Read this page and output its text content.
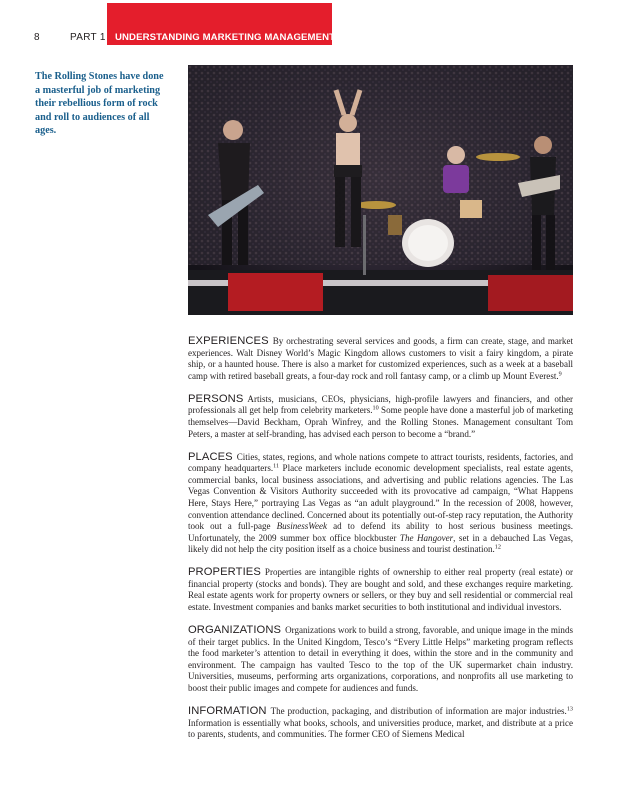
8	PART 1 UNDERSTANDING MARKETING MANAGEMENT
The Rolling Stones have done a masterful job of marketing their rebellious form of rock and roll to audiences of all ages.

EXPERIENCES By orchestrating several services and goods, a firm can create, stage, and market experiences. Walt Disney World’s Magic Kingdom allows customers to visit a fairy kingdom, a pirate ship, or a haunted house. There is also a market for customized experiences, such as a week at a baseball camp with retired baseball greats, a four-day rock and roll fantasy camp, or a climb up Mount Everest.$^9$

PERSONS Artists, musicians, CEOs, physicians, high-profile lawyers and financiers, and other professionals all get help from celebrity marketers.$^{10}$ Some people have done a masterful job of marketing themselves—David Beckham, Oprah Winfrey, and the Rolling Stones. Management consultant Tom Peters, a master at self-branding, has advised each person to become a “brand.”

PLACES Cities, states, regions, and whole nations compete to attract tourists, residents, factories, and company headquarters.$^{11}$ Place marketers include economic development specialists, real estate agents, commercial banks, local business associations, and advertising and public relations agencies. The Las Vegas Convention & Visitors Authority succeeded with its provocative ad campaign, “What Happens Here, Stays Here,” portraying Las Vegas as “an adult playground.” In the recession of 2008, however, convention attendance declined. Concerned about its potentially out-of-step racy reputation, the Authority took out a full-page BusinessWeek ad to defend its ability to host serious business meetings. Unfortunately, the 2009 summer box office blockbuster The Hangover, set in a debauched Las Vegas, likely did not help the city position itself as a choice business and tourist destination.$^{12}$

PROPERTIES Properties are intangible rights of ownership to either real property (real estate) or financial property (stocks and bonds). They are bought and sold, and these exchanges require marketing. Real estate agents work for property owners or sellers, or they buy and sell residential or commercial real estate. Investment companies and banks market securities to both institutional and individual investors.

ORGANIZATIONS Organizations work to build a strong, favorable, and unique image in the minds of their target publics. In the United Kingdom, Tesco’s “Every Little Helps” marketing program reflects the food marketer’s attention to detail in everything it does, within the store and in the community and environment. The campaign has vaulted Tesco to the top of the UK supermarket chain industry. Universities, museums, performing arts organizations, corporations, and nonprofits all use marketing to boost their public images and compete for audiences and funds.

INFORMATION The production, packaging, and distribution of information are major industries.$^{13}$ Information is essentially what books, schools, and universities produce, market, and distribute at a price to parents, students, and communities. The former CEO of Siemens Medical
